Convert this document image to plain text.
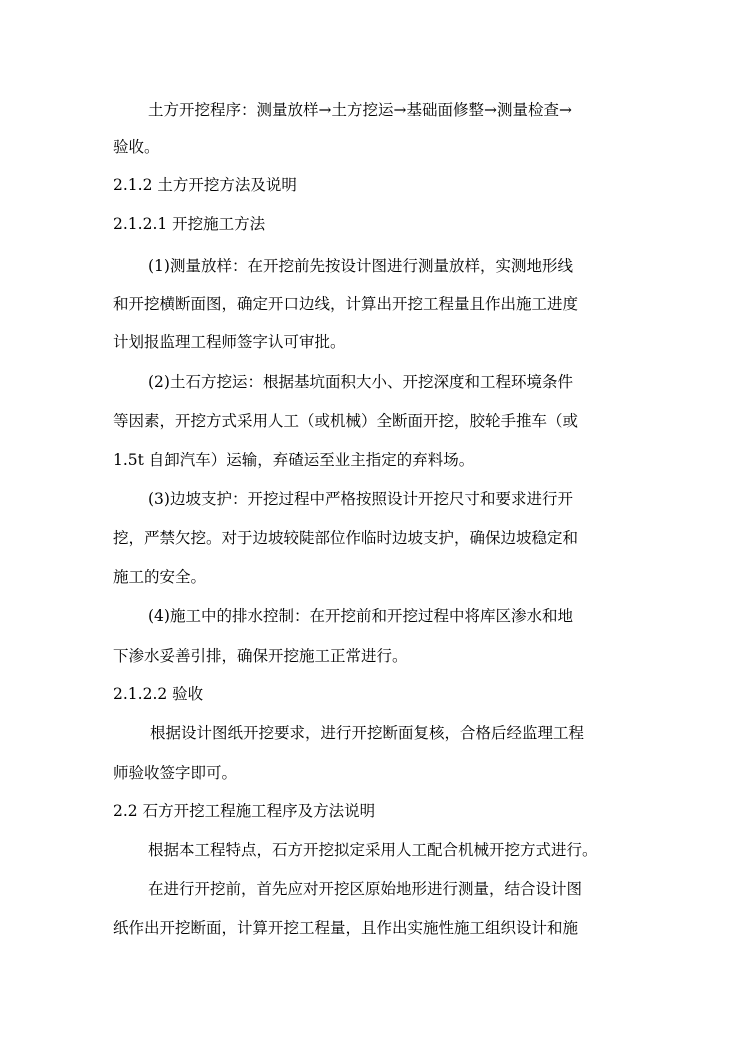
土方开挖程序：测量放样→土方挖运→基础面修整→测量检查→
验收。
2.1.2 土方开挖方法及说明
2.1.2.1 开挖施工方法
(1)测量放样：在开挖前先按设计图进行测量放样，实测地形线
和开挖横断面图，确定开口边线，计算出开挖工程量且作出施工进度
计划报监理工程师签字认可审批。
(2)土石方挖运：根据基坑面积大小、开挖深度和工程环境条件
等因素，开挖方式采用人工（或机械）全断面开挖，胶轮手推车（或
1.5t 自卸汽车）运输，弃碴运至业主指定的弃料场。
(3)边坡支护：开挖过程中严格按照设计开挖尺寸和要求进行开
挖，严禁欠挖。对于边坡较陡部位作临时边坡支护，确保边坡稳定和
施工的安全。
(4)施工中的排水控制：在开挖前和开挖过程中将库区渗水和地
下渗水妥善引排，确保开挖施工正常进行。
2.1.2.2 验收
根据设计图纸开挖要求，进行开挖断面复核，合格后经监理工程
师验收签字即可。
2.2 石方开挖工程施工程序及方法说明
根据本工程特点，石方开挖拟定采用人工配合机械开挖方式进行。
在进行开挖前，首先应对开挖区原始地形进行测量，结合设计图
纸作出开挖断面，计算开挖工程量，且作出实施性施工组织设计和施
